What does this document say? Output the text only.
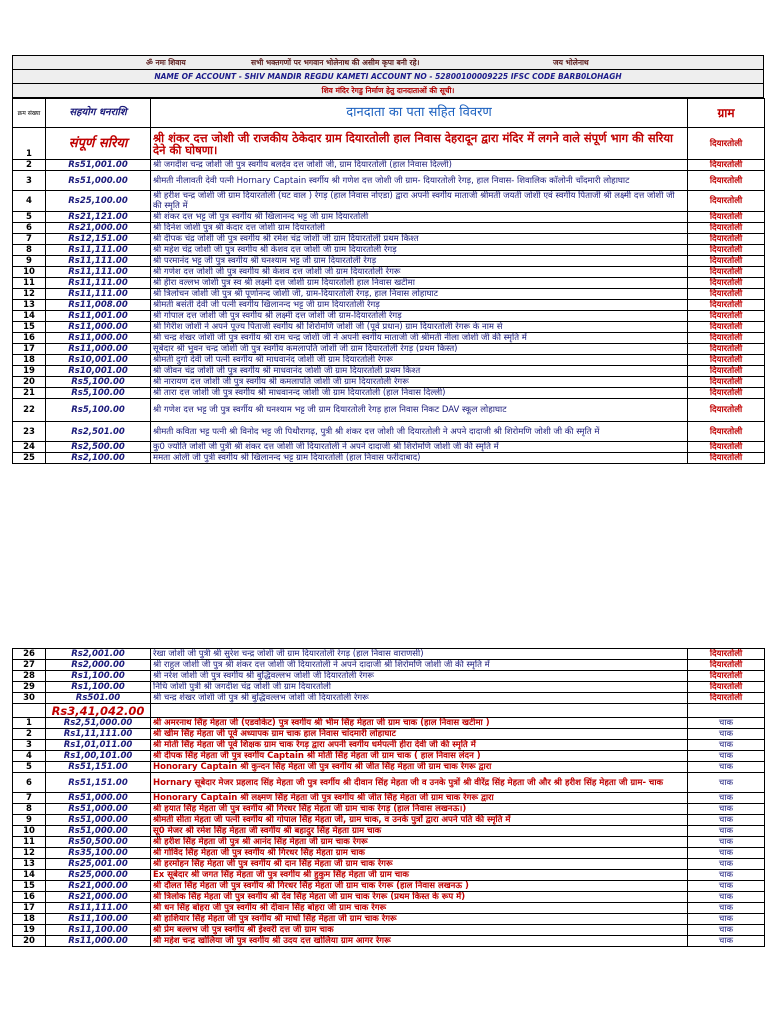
ॐ नमः शिवाय	सभी भक्तगणों पर भगवान भोलेनाथ की असीम कृपा बनी रहे।	जय भोलेनाथ
NAME OF ACCOUNT - SHIV MANDIR REGDU KAMETI ACCOUNT NO - 52800100009225 IFSC CODE BARB0LOHAGH
शिव मंदिर रेगडु निर्माण हेतु दानदाताओं की सूची।
क्रम संख्या	सहयोग धनराशि	दानदाता का पता सहित विवरण	ग्राम
1	संपूर्ण सरिया	श्री शंकर दत्त जोशी जी राजकीय ठेकेदार ग्राम दियारतोली हाल निवास देहरादून द्वारा मंदिर में लगने वाले संपूर्ण भाग की सरिया देने की घोषणा।	दियारतोली
2	Rs51,001.00	श्री जगदीश चन्द्र जोशी जी पुत्र स्वर्गीय बलदेव दत्त जोशी जी, ग्राम दियारतोली (हाल निवास दिल्ली)	दियारतोली
3	Rs51,000.00	श्रीमती नीलावती देवी पत्नी Hornary Captain स्वर्गीय श्री गणेश दत्त जोशी जी ग्राम- दियारतोली रेगड़, हाल निवास- शिवालिक कॉलोनी चाँदमारी लोहाघाट	दियारतोली
4	Rs25,100.00	श्री हरीश चन्द्र जोशी जी ग्राम दियारतोली (घट वाल ) रेगड़ (हाल निवास नोएडा) द्वारा अपनी स्वर्गीय माताजी श्रीमती जयती जोशी एवं स्वर्गीय पिताजी श्री लक्ष्मी दत्त जोशी जी की स्मृति में	दियारतोली
5	Rs21,121.00	श्री शंकर दत्त भट्ट जी पुत्र स्वर्गीय श्री खिलानन्द भट्ट जी ग्राम दियारतोली	दियारतोली
6	Rs21,000.00	श्री दिनेश जोशी पुत्र श्री केदार दत्त जोशी ग्राम दियारतोली	दियारतोली
7	Rs12,151.00	श्री दीपक चंद्र जोशी जी पुत्र स्वर्गीय श्री रमेश चंद्र जोशी जी ग्राम दियारतोली प्रथम किश्त	दियारतोली
8	Rs11,111.00	श्री महेश चंद्र जोशी जी पुत्र स्वर्गीय श्री केशव दत्त जोशी जी ग्राम दियारतोली रेगड़	दियारतोली
9	Rs11,111.00	श्री परमानंद भट्ट जी पुत्र स्वर्गीय श्री घनश्याम भट्ट जी ग्राम दियारतोली रेगड़	दियारतोली
10	Rs11,111.00	श्री गणेश दत्त जोशी जी पुत्र स्वर्गीय श्री केशव दत्त जोशी जी ग्राम दियारतोली रेगरू	दियारतोली
11	Rs11,111.00	श्री हीरा वल्लभ जोशी पुत्र स्व श्री लक्ष्मी दत्त जोशी ग्राम दियारतोली हाल निवास खटीमा	दियारतोली
12	Rs11,111.00	श्री त्रिलोचन जोशी जी पुत्र श्री पूर्णानन्द जोशी जी, ग्राम-दियारतोली रेगड़, हाल निवास लोहाघाट	दियारतोली
13	Rs11,008.00	श्रीमती बसंती देवी जी पत्नी स्वर्गीय खिलानन्द भट्ट जी ग्राम दियारतोली रेगड़	दियारतोली
14	Rs11,001.00	श्री गोपाल दत्त जोशी जी पुत्र स्वर्गीय श्री लक्ष्मी दत्त जोशी जी ग्राम-दियारतोली रेगड़	दियारतोली
15	Rs11,000.00	श्री गिरीश जोशी ने अपने पूज्य पिताजी स्वर्गीय श्री शिरोमणि जोशी जी (पूर्व प्रधान) ग्राम दियारतोली रेगरू के नाम से	दियारतोली
16	Rs11,000.00	श्री चन्द्र शेखर जोशी जी पुत्र स्वर्गीय श्री राम चन्द्र जोशी जी ने अपनी स्वर्गीय माताजी जी श्रीमती नीला जोशी जी की स्मृति में	दियारतोली
17	Rs11,000.00	सूबेदार श्री भुवन चन्द्र जोशी जी पुत्र स्वर्गीय कमलापति जोशी जी ग्राम दियारतोली रेगड़ (प्रथम किस्त)	दियारतोली
18	Rs10,001.00	श्रीमती दुर्गा देवी जी पत्नी स्वर्गीय श्री माधवानंद जोशी जी ग्राम दियारतोली रेगरू	दियारतोली
19	Rs10,001.00	श्री जीवन चंद्र जोशी जी पुत्र स्वर्गीय श्री माधवानंद जोशी जी ग्राम दियारतोली प्रथम किश्त	दियारतोली
20	Rs5,100.00	श्री नारायण दत्त जोशी जी पुत्र स्वर्गीय श्री कमलापति जोशी जी ग्राम दियारतोली रेगरू	दियारतोली
21	Rs5,100.00	श्री तारा दत्त जोशी जी पुत्र स्वर्गीय श्री माधवानन्द जोशी जी ग्राम दियारतोली (हाल निवास दिल्ली)	दियारतोली
22	Rs5,100.00	श्री गणेश दत्त भट्ट जी पुत्र स्वर्गीय श्री घनश्याम भट्ट जी ग्राम दियारतोली रेगड़ हाल निवास निकट DAV स्कूल लोहाघाट	दियारतोली
23	Rs2,501.00	श्रीमती कविता भट्ट पत्नी श्री विनोद भट्ट जी पिथौरागढ़, पुत्री श्री शंकर दत्त जोशी जी दियारतोली ने अपने दादाजी श्री शिरोमणि जोशी जी की स्मृति में	दियारतोली
24	Rs2,500.00	कु0 ज्योति जोशी जी पुत्री श्री शंकर दत्त जोशी जी दियारतोली ने अपने दादाजी श्री शिरोमणि जोशी जी की स्मृति में	दियारतोली
25	Rs2,100.00	ममता ओली जी पुत्री स्वर्गीय श्री खिलानन्द भट्ट ग्राम दियारतोली (हाल निवास फरीदाबाद)	दियारतोली
26	Rs2,001.00	रेखा जोशी जी पुत्री श्री सुरेश चन्द्र जोशी जी ग्राम दियारतोली रेगड़ (हाल निवास वाराणसी)	दियारतोली
27	Rs2,000.00	श्री राहुल जोशी जी पुत्र श्री शंकर दत्त जोशी जी दियारतोली ने अपने दादाजी श्री शिरोमणि जोशी जी की स्मृति में	दियारतोली
28	Rs1,100.00	श्री नरेश जोशी जी पुत्र स्वर्गीय श्री बुद्धिवल्लभ जोशी जी दियारतोली रेगरू	दियारतोली
29	Rs1,100.00	निधि जोशी पुत्री श्री जगदीश चंद्र जोशी जी ग्राम दियारतोली	दियारतोली
30	Rs501.00	श्री चन्द्र शेखर जोशी जी पुत्र श्री बुद्धिवल्लभ जोशी जी दियारतोली रेगरू	दियारतोली
	Rs3,41,042.00		
1	Rs2,51,000.00	श्री अमरनाथ सिंह मेहता जी (एडवोकेट) पुत्र स्वर्गीय श्री भीम सिंह मेहता जी ग्राम चाक (हाल निवास खटीमा )	चाक
2	Rs1,11,111.00	श्री खीम सिंह मेहता जी पूर्व अध्यापक ग्राम चाक हाल निवास चांदमारी लोहाघाट	चाक
3	Rs1,01,011.00	श्री मोती सिंह मेहता जी पूर्व शिक्षक ग्राम चाक रेगड़ द्वारा अपनी स्वर्गीय धर्मपत्नी हीरा देवी जी की स्मृति में	चाक
4	Rs1,00,101.00	श्री दीपक सिंह मेहता जी पुत्र स्वर्गीय Captain श्री मोती सिंह मेहता जी ग्राम चाक ( हाल निवास लंदन )	चाक
5	Rs51,151.00	Honorary Captain श्री कुन्दन सिंह मेहता जी पुत्र स्वर्गीय श्री जीत सिंह मेहता जी ग्राम चाक रेगरू द्वारा	चाक
6	Rs51,151.00	Hornary सूबेदार मेजर प्रहलाद सिंह मेहता जी पुत्र स्वर्गीय श्री दीवान सिंह मेहता जी व उनके पुत्रों श्री वीरेंद्र सिंह मेहता जी और श्री हरीश सिंह मेहता जी ग्राम- चाक	चाक
7	Rs51,000.00	Honorary Captain श्री लक्ष्मण सिंह मेहता जी पुत्र स्वर्गीय श्री जीत सिंह मेहता जी ग्राम चाक रेगरू द्वारा	चाक
8	Rs51,000.00	श्री हयात सिंह मेहता जी पुत्र स्वर्गीय श्री गिरधर सिंह मेहता जी ग्राम चाक रेगड़ (हाल निवास लखनऊ।)	चाक
9	Rs51,000.00	श्रीमती सीता मेहता जी पत्नी स्वर्गीय श्री गोपाल सिंह मेहता जी, ग्राम चाक, व उनके पुत्रों द्वारा अपने पति की स्मृति में	चाक
10	Rs51,000.00	सू0 मेजर श्री रमेश सिंह मेहता जी स्वर्गीय श्री बहादुर सिंह मेहता ग्राम चाक	चाक
11	Rs50,500.00	श्री हरीश सिंह मेहता जी पुत्र श्री आनंद सिंह मेहता जी ग्राम चाक रेगरू	चाक
12	Rs35,100.00	श्री गोविंद सिंह मेहता जी पुत्र स्वर्गीय श्री गिरधर सिंह मेहता ग्राम चाक	चाक
13	Rs25,001.00	श्री हरमोहन सिंह मेहता जी पुत्र स्वर्गीय श्री दान सिंह मेहता जी ग्राम चाक रेगरू	चाक
14	Rs25,000.00	Ex सूबेदार श्री जगत सिंह मेहता जी पुत्र स्वर्गीय श्री हुकुम सिंह मेहता जी ग्राम चाक	चाक
15	Rs21,000.00	श्री दौलत सिंह मेहता जी पुत्र स्वर्गीय श्री गिरधर सिंह मेहता जी ग्राम चाक रेगरू (हाल निवास लखनऊ )	चाक
16	Rs21,000.00	श्री त्रिलोक सिंह मेहता जी पुत्र स्वर्गीय श्री देव सिंह मेहता जी ग्राम चाक रेगरू (प्रथम किस्त के रूप में)	चाक
17	Rs11,111.00	श्री धन सिंह बोहरा जी पुत्र स्वर्गीय श्री दीवान सिंह बोहरा जी ग्राम चाक रेगरू	चाक
18	Rs11,100.00	श्री हाशियार सिंह मेहता जी पुत्र स्वर्गीय श्री माधो सिंह मेहता जी ग्राम चाक रेगरू	चाक
19	Rs11,100.00	श्री प्रेम बल्लभ जी पुत्र स्वर्गीय श्री ईश्वरी दत्त जी ग्राम चाक	चाक
20	Rs11,000.00	श्री महेश चन्द्र खोलिया जी पुत्र स्वर्गीय श्री उदय दत्त खोलिया ग्राम आगर रेगरू	चाक
